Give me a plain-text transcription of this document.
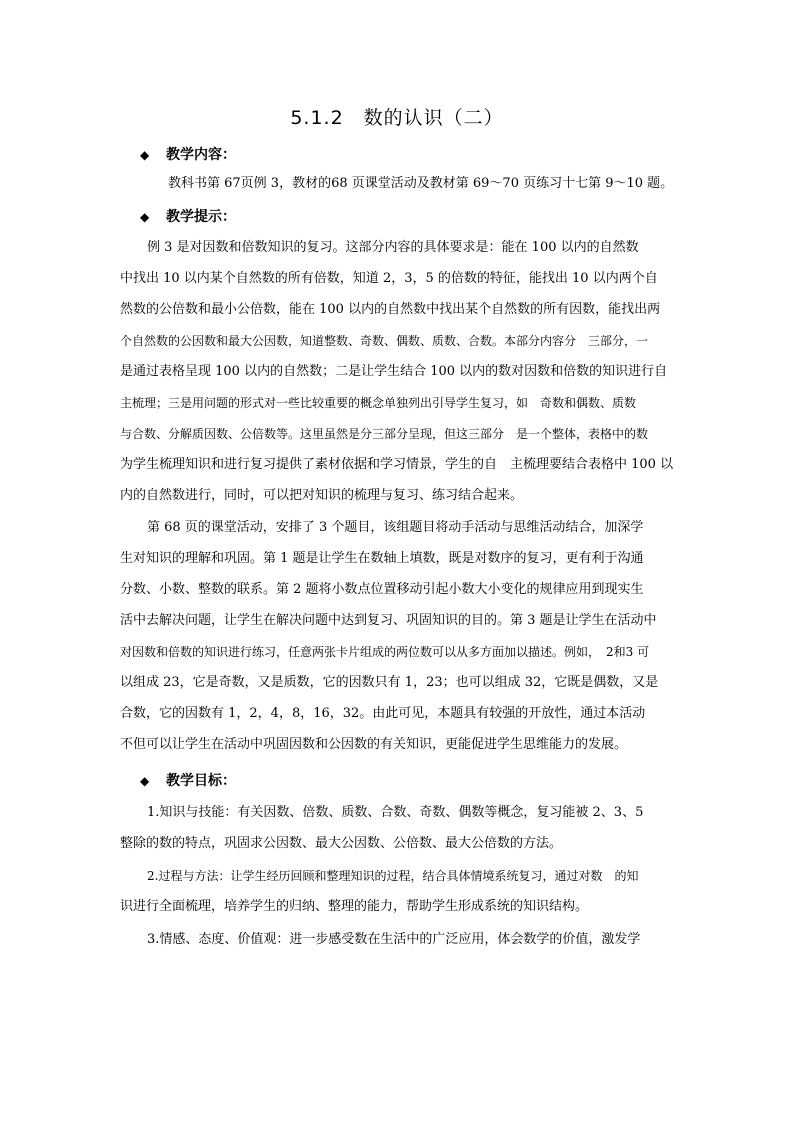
5.1.2　数的认识（二）
◆ 教学内容：
教科书第 67页例 3，教材的68 页课堂活动及教材第 69～70 页练习十七第 9～10 题。
◆ 教学提示：
例 3 是对因数和倍数知识的复习。这部分内容的具体要求是：能在 100 以内的自然数
中找出 10 以内某个自然数的所有倍数，知道 2，3，5 的倍数的特征，能找出 10 以内两个自
然数的公倍数和最小公倍数，能在 100 以内的自然数中找出某个自然数的所有因数，能找出两
个自然数的公因数和最大公因数，知道整数、奇数、偶数、质数、合数。本部分内容分　三部分，一
是通过表格呈现 100 以内的自然数；二是让学生结合 100 以内的数对因数和倍数的知识进行自
主梳理；三是用问题的形式对一些比较重要的概念单独列出引导学生复习，如　奇数和偶数、质数
与合数、分解质因数、公倍数等。这里虽然是分三部分呈现，但这三部分　是一个整体，表格中的数
为学生梳理知识和进行复习提供了素材依据和学习情景，学生的自　主梳理要结合表格中 100 以
内的自然数进行，同时，可以把对知识的梳理与复习、练习结合起来。
第 68 页的课堂活动，安排了 3 个题目，该组题目将动手活动与思维活动结合，加深学
生对知识的理解和巩固。第 1 题是让学生在数轴上填数，既是对数序的复习，更有利于沟通
分数、小数、整数的联系。第 2 题将小数点位置移动引起小数大小变化的规律应用到现实生
活中去解决问题，让学生在解决问题中达到复习、巩固知识的目的。第 3 题是让学生在活动中
对因数和倍数的知识进行练习，任意两张卡片组成的两位数可以从多方面加以描述。例如，　2和3 可
以组成 23，它是奇数，又是质数，它的因数只有 1，23；也可以组成 32，它既是偶数，又是
合数，它的因数有 1，2，4，8，16，32。由此可见，本题具有较强的开放性，通过本活动
不但可以让学生在活动中巩固因数和公因数的有关知识，更能促进学生思维能力的发展。
◆ 教学目标：
1.知识与技能：有关因数、倍数、质数、合数、奇数、偶数等概念，复习能被 2、3、5
整除的数的特点，巩固求公因数、最大公因数、公倍数、最大公倍数的方法。
2.过程与方法：让学生经历回顾和整理知识的过程，结合具体情境系统复习，通过对数　的知
识进行全面梳理，培养学生的归纳、整理的能力，帮助学生形成系统的知识结构。
3.情感、态度、价值观：进一步感受数在生活中的广泛应用，体会数学的价值，激发学
